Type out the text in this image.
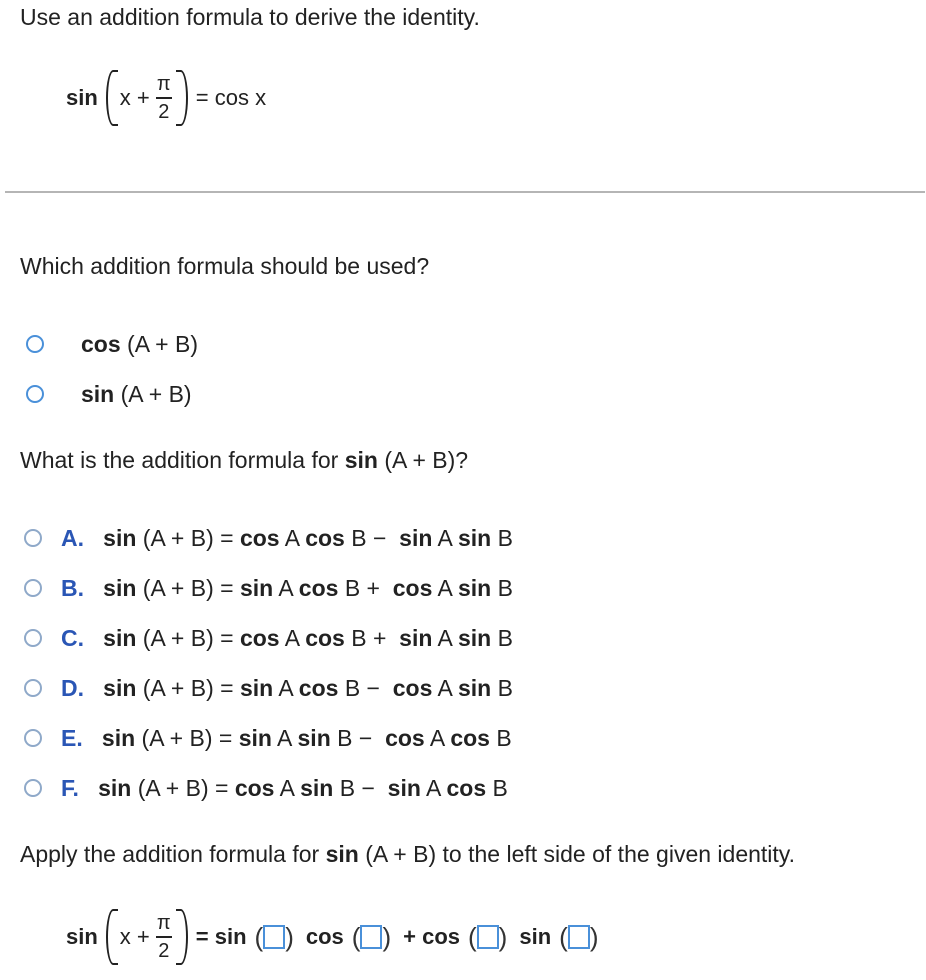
Use an addition formula to derive the identity.
$\sin x + \frac{\pi}{2} = \cos x$
Which addition formula should be used?
cos (A + B)
sin (A + B)
What is the addition formula for sin (A + B)?
A. sin (A + B) = cos A cos B − sin A sin B
B. sin (A + B) = sin A cos B + cos A sin B
C. sin (A + B) = cos A cos B + sin A sin B
D. sin (A + B) = sin A cos B − cos A sin B
E. sin (A + B) = sin A sin B − cos A cos B
F. sin (A + B) = cos A sin B − sin A cos B
Apply the addition formula for sin (A + B) to the left side of the given identity.
$\sin x + \frac{\pi}{2} = \sin$ ( ) cos ( ) + cos ( ) sin ( )
